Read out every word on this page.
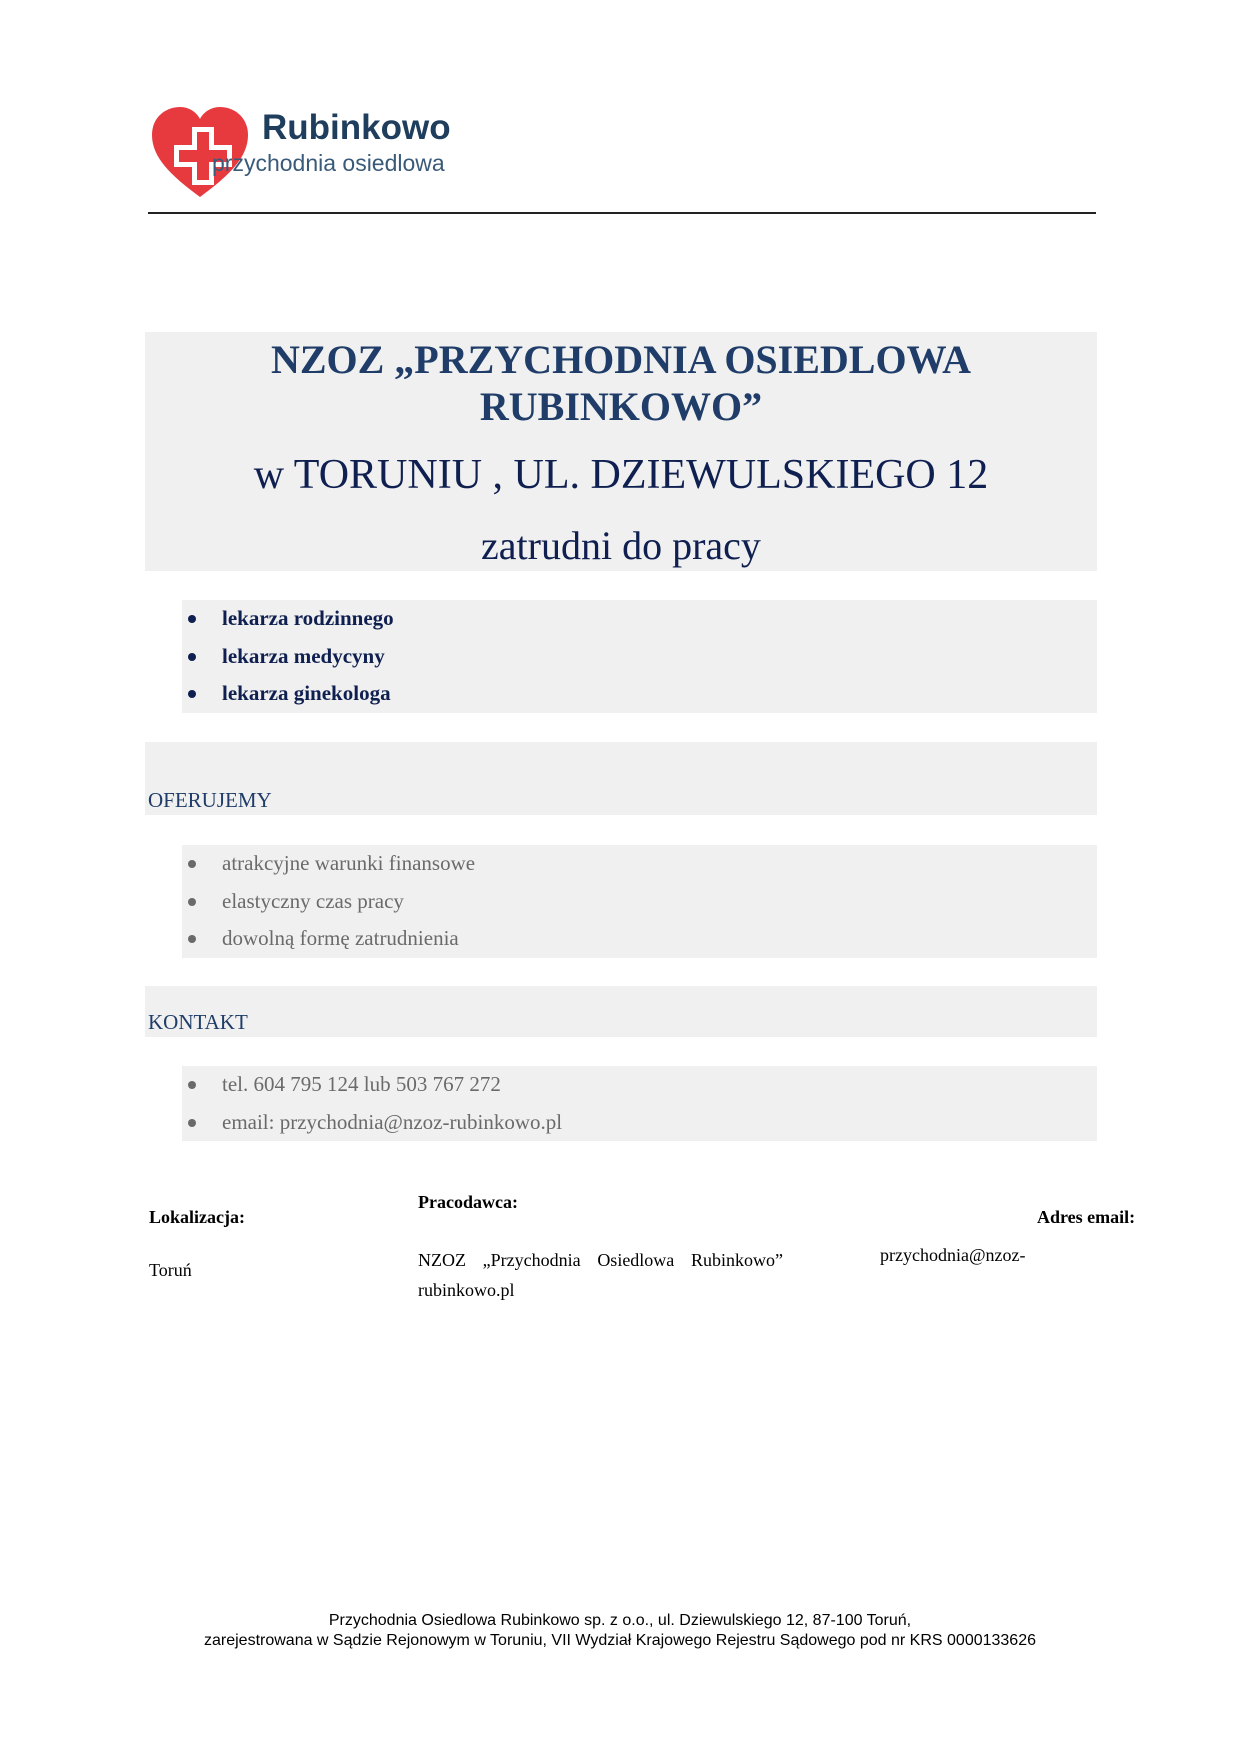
Rubinkowo
przychodnia osiedlowa
NZOZ „PRZYCHODNIA OSIEDLOWA RUBINKOWO”
w TORUNIU , UL. DZIEWULSKIEGO 12
zatrudni do pracy
lekarza rodzinnego
lekarza medycyny
lekarza ginekologa
OFERUJEMY
atrakcyjne warunki finansowe
elastyczny czas pracy
dowolną formę zatrudnienia
KONTAKT
tel. 604 795 124 lub 503 767 272
email: przychodnia@nzoz-rubinkowo.pl
Lokalizacja:
Pracodawca:
Adres email:
Toruń	NZOZ „Przychodnia Osiedlowa Rubinkowo”
rubinkowo.pl
przychodnia@nzoz-
Przychodnia Osiedlowa Rubinkowo sp. z o.o., ul. Dziewulskiego 12, 87-100 Toruń,
zarejestrowana w Sądzie Rejonowym w Toruniu, VII Wydział Krajowego Rejestru Sądowego pod nr KRS 0000133626
